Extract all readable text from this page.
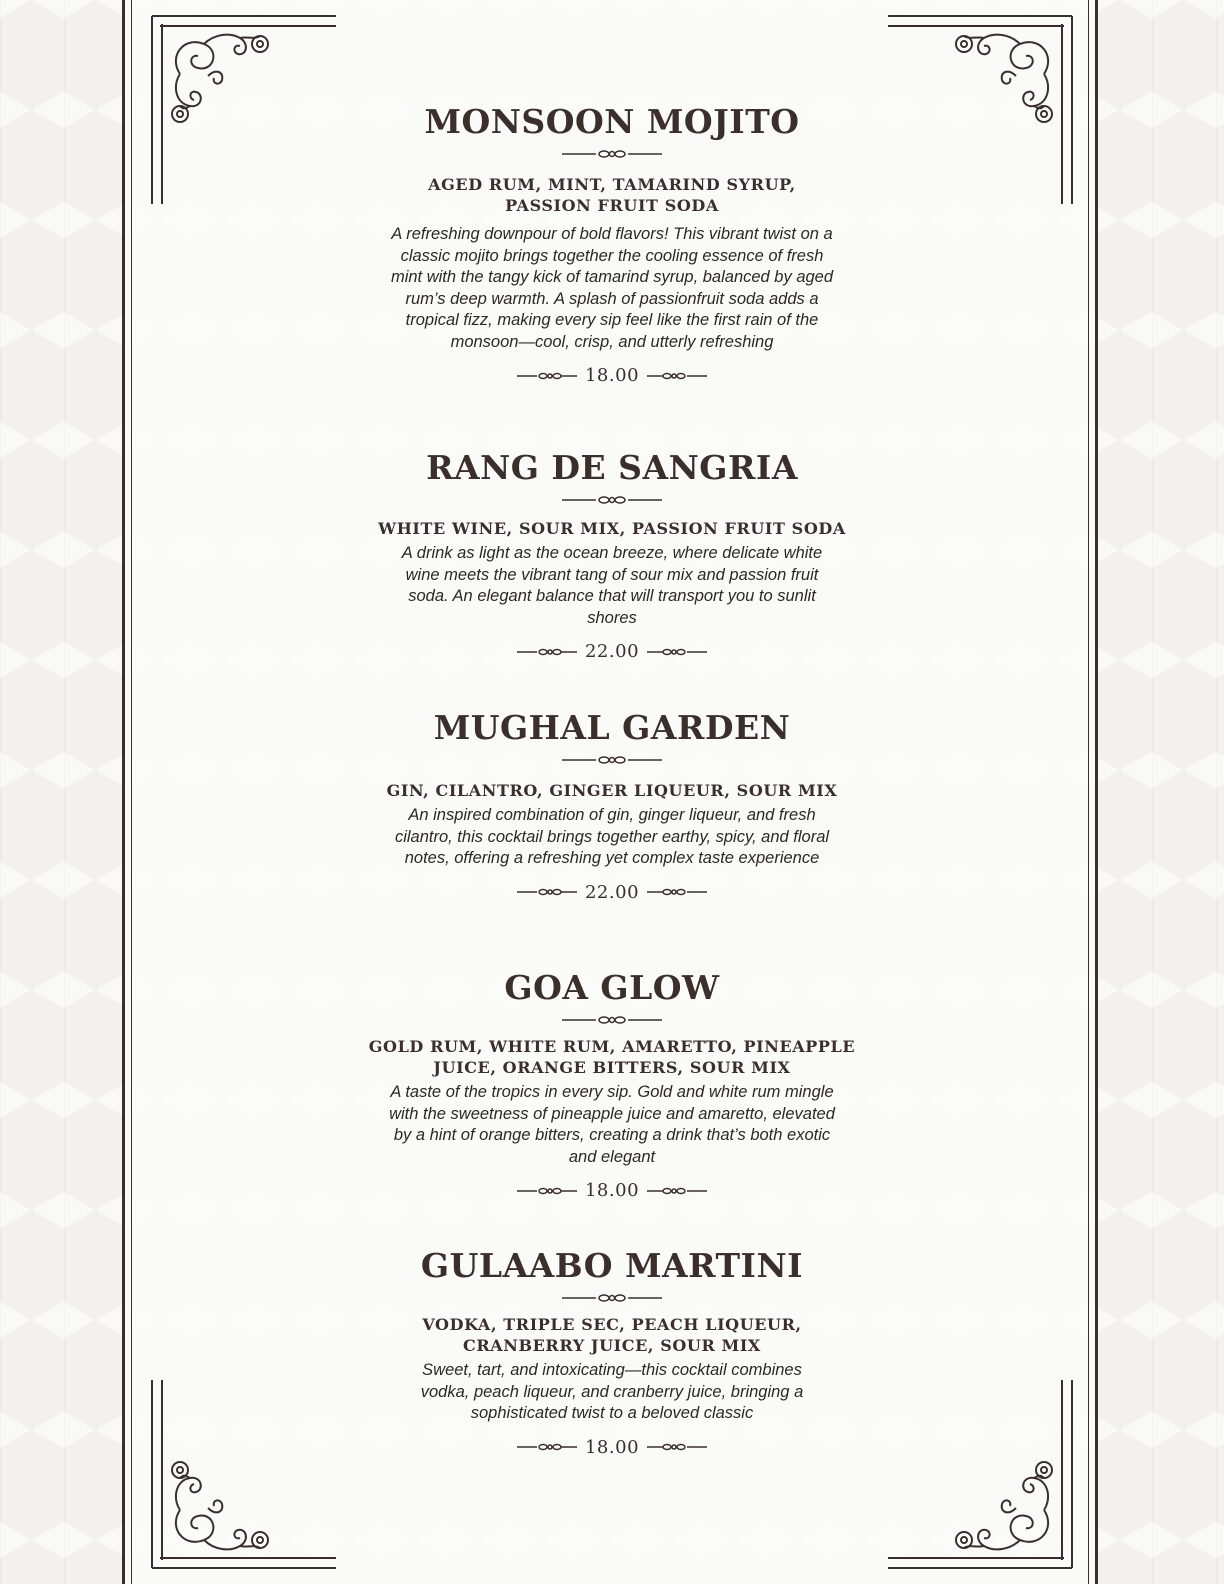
MONSOON MOJITO
AGED RUM, MINT, TAMARIND SYRUP, PASSION FRUIT SODA
A refreshing downpour of bold flavors! This vibrant twist on a classic mojito brings together the cooling essence of fresh mint with the tangy kick of tamarind syrup, balanced by aged rum’s deep warmth. A splash of passionfruit soda adds a tropical fizz, making every sip feel like the first rain of the monsoon—cool, crisp, and utterly refreshing
18.00
RANG DE SANGRIA
WHITE WINE, SOUR MIX, PASSION FRUIT SODA
A drink as light as the ocean breeze, where delicate white wine meets the vibrant tang of sour mix and passion fruit soda. An elegant balance that will transport you to sunlit shores
22.00
MUGHAL GARDEN
GIN, CILANTRO, GINGER LIQUEUR, SOUR MIX
An inspired combination of gin, ginger liqueur, and fresh cilantro, this cocktail brings together earthy, spicy, and floral notes, offering a refreshing yet complex taste experience
22.00
GOA GLOW
GOLD RUM, WHITE RUM, AMARETTO, PINEAPPLE JUICE, ORANGE BITTERS, SOUR MIX
A taste of the tropics in every sip. Gold and white rum mingle with the sweetness of pineapple juice and amaretto, elevated by a hint of orange bitters, creating a drink that’s both exotic and elegant
18.00
GULAABO MARTINI
VODKA, TRIPLE SEC, PEACH LIQUEUR, CRANBERRY JUICE, SOUR MIX
Sweet, tart, and intoxicating—this cocktail combines vodka, peach liqueur, and cranberry juice, bringing a sophisticated twist to a beloved classic
18.00
